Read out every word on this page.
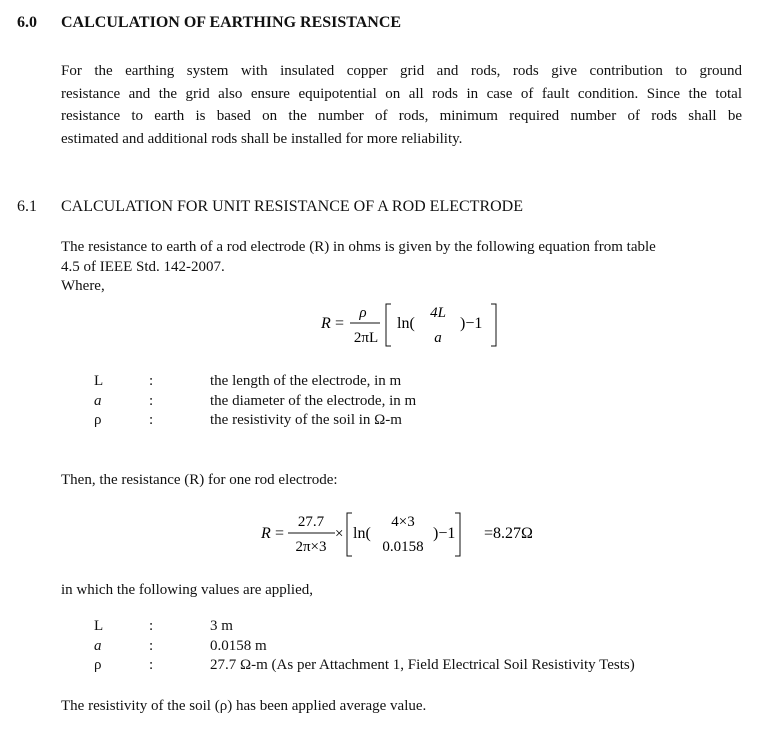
6.0 CALCULATION OF EARTHING RESISTANCE
For the earthing system with insulated copper grid and rods, rods give contribution to ground
resistance and the grid also ensure equipotential on all rods in case of fault condition. Since the total
resistance to earth is based on the number of rods, minimum required number of rods shall be
estimated and additional rods shall be installed for more reliability.
6.1 CALCULATION FOR UNIT RESISTANCE OF A ROD ELECTRODE
The resistance to earth of a rod electrode (R) in ohms is given by the following equation from table
4.5 of IEEE Std. 142-2007.
Where,
R =
ρ
2πL
ln(
4L
a
)−1
L	:	the length of the electrode, in m
a	:	the diameter of the electrode, in m
ρ	:	the resistivity of the soil in Ω-m
Then, the resistance (R) for one rod electrode:
R =
27.7
2π×3
× ln(
4×3
0.0158
)−1 =8.27Ω
in which the following values are applied,
L	:	3 m
a	:	0.0158 m
ρ	:	27.7 Ω-m (As per Attachment 1, Field Electrical Soil Resistivity Tests)
The resistivity of the soil (ρ) has been applied average value.
